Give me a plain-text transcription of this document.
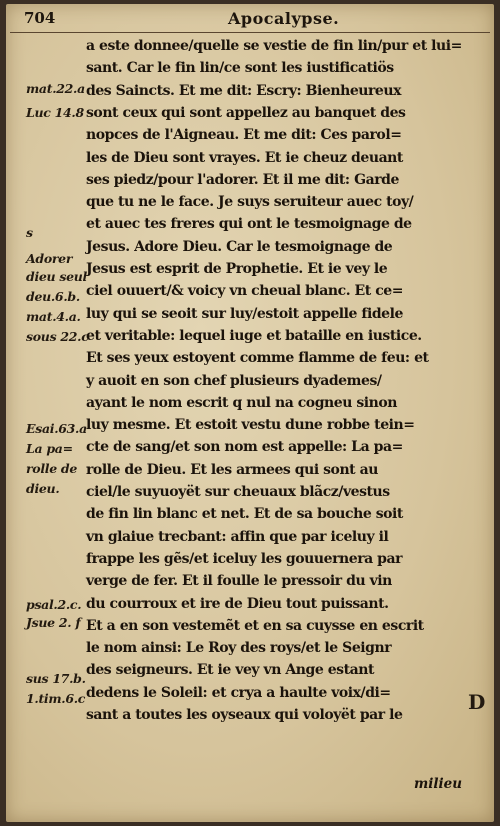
704	Apocalypse.
mat.22.a
Luc 14.8
s
Adorer
dieu seul
deu.6.b.
mat.4.a.
sous 22.c
Esai.63.a
La pa=
rolle de
dieu.
psal.2.c.
Jsue 2. f
sus 17.b.
1.tim.6.c
a este donnee/quelle se vestie de fin lin/pur et lui=
sant. Car le fin lin/ce sont les iustificatiös
des Saincts. Et me dit: Escry: Bienheureux
sont ceux qui sont appellez au banquet des
nopces de l'Aigneau. Et me dit: Ces parol=
les de Dieu sont vrayes. Et ie cheuz deuant
ses piedz/pour l'adorer. Et il me dit: Garde
que tu ne le face. Je suys seruiteur auec toy/
et auec tes freres qui ont le tesmoignage de
Jesus. Adore Dieu. Car le tesmoignage de
Jesus est esprit de Prophetie. Et ie vey le
ciel ouuert/& voicy vn cheual blanc. Et ce=
luy qui se seoit sur luy/estoit appelle fidele
et veritable: lequel iuge et bataille en iustice.
Et ses yeux estoyent comme flamme de feu: et
y auoit en son chef plusieurs dyademes/
ayant le nom escrit q nul na cogneu sinon
luy mesme. Et estoit vestu dune robbe tein=
cte de sang/et son nom est appelle: La pa=
rolle de Dieu. Et les armees qui sont au
ciel/le suyuoyët sur cheuaux blãcz/vestus
de fin lin blanc et net. Et de sa bouche soit
vn glaiue trecbant: affin que par iceluy il
frappe les gẽs/et iceluy les gouuernera par
verge de fer. Et il foulle le pressoir du vin
du courroux et ire de Dieu tout puissant.
Et a en son vestemẽt et en sa cuysse en escrit
le nom ainsi: Le Roy des roys/et le Seignr
des seigneurs. Et ie vey vn Ange estant
dedens le Soleil: et crya a haulte voix/di=
sant a toutes les oyseaux qui voloyët par le
D
milieu
